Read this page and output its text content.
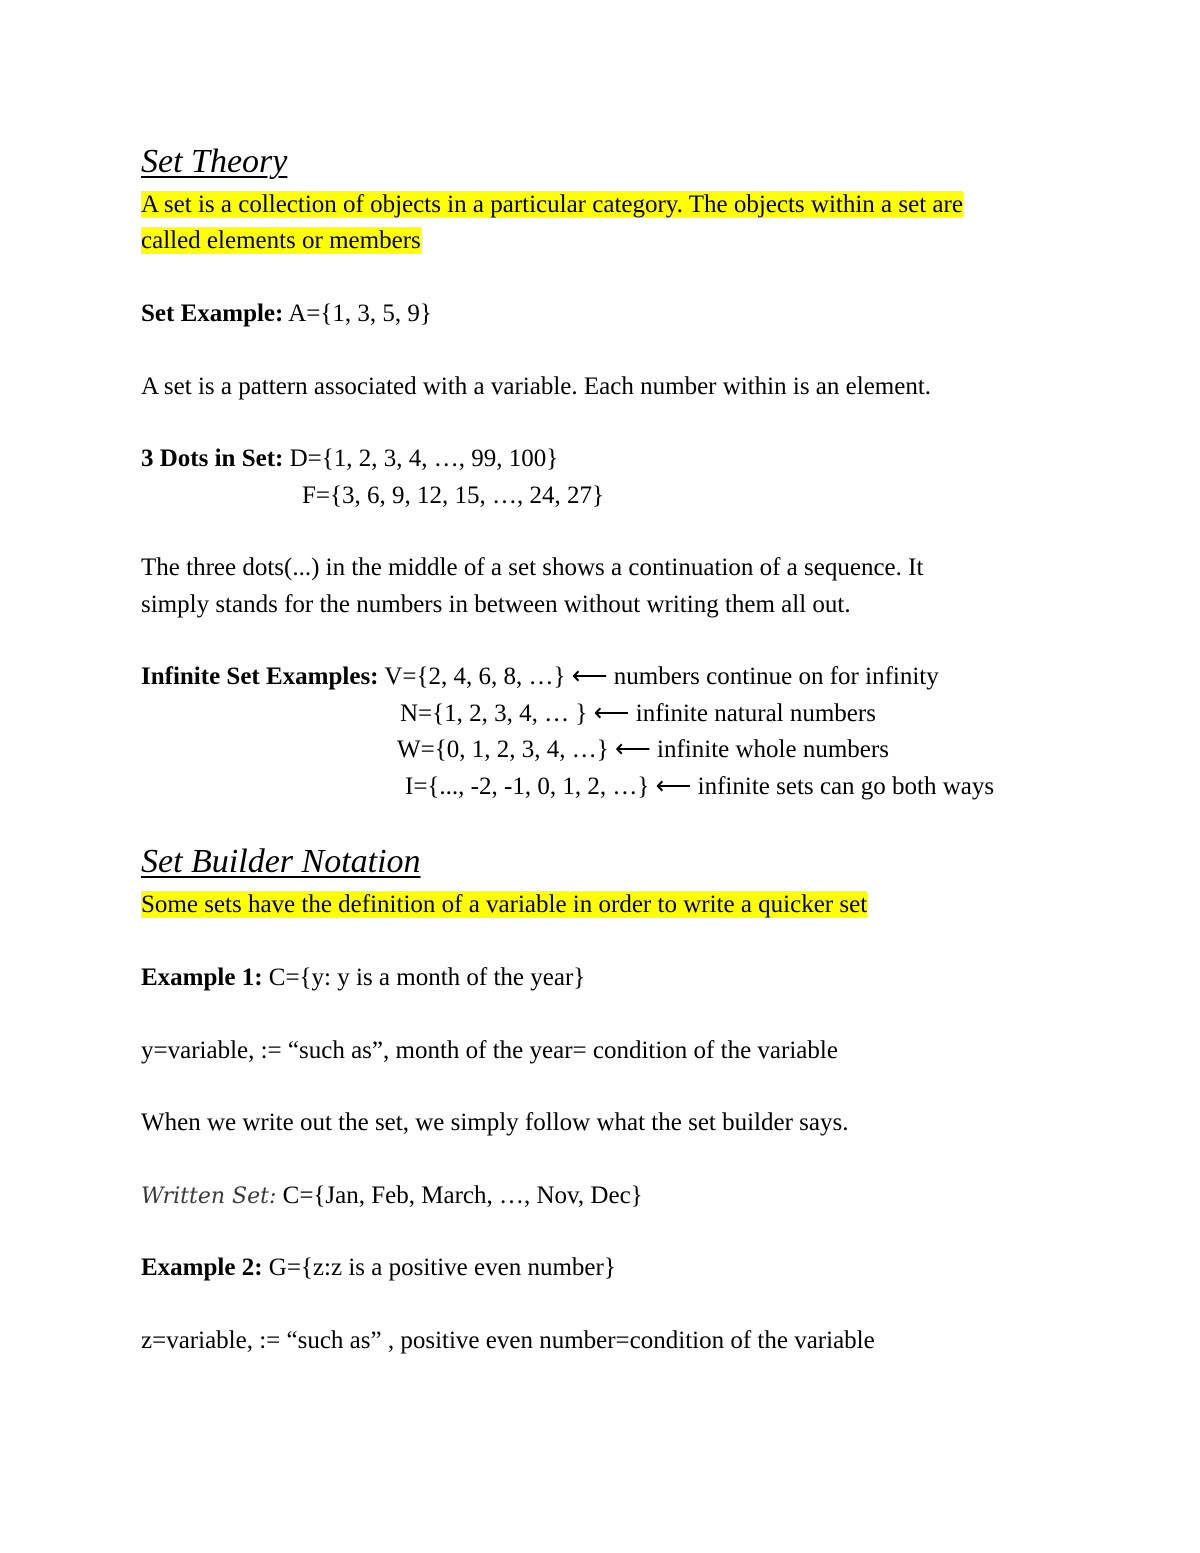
Set Theory
A set is a collection of objects in a particular category. The objects within a set are
called elements or members
Set Example: A={1, 3, 5, 9}
A set is a pattern associated with a variable. Each number within is an element.
3 Dots in Set: D={1, 2, 3, 4, …, 99, 100}
F={3, 6, 9, 12, 15, …, 24, 27}
The three dots(...) in the middle of a set shows a continuation of a sequence. It
simply stands for the numbers in between without writing them all out.
Infinite Set Examples: V={2, 4, 6, 8, …} ⟵ numbers continue on for infinity
N={1, 2, 3, 4, … } ⟵ infinite natural numbers
W={0, 1, 2, 3, 4, …} ⟵ infinite whole numbers
I={..., -2, -1, 0, 1, 2, …} ⟵ infinite sets can go both ways
Set Builder Notation
Some sets have the definition of a variable in order to write a quicker set
Example 1: C={y: y is a month of the year}
y=variable, := “such as”, month of the year= condition of the variable
When we write out the set, we simply follow what the set builder says.
Written Set: C={Jan, Feb, March, …, Nov, Dec}
Example 2: G={z:z is a positive even number}
z=variable, := “such as” , positive even number=condition of the variable
